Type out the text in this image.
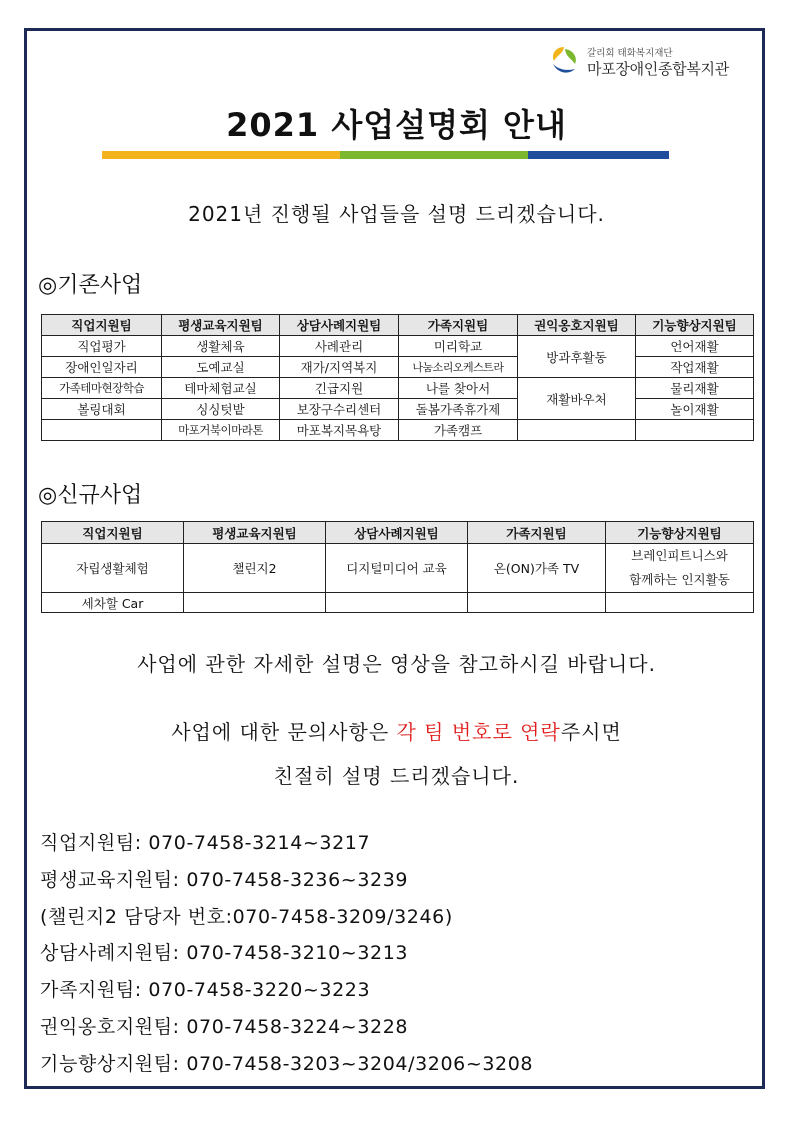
갈리회 태화복지재단
마포장애인종합복지관
2021 사업설명회 안내
2021년 진행될 사업들을 설명 드리겠습니다.
◎기존사업
직업지원팀	평생교육지원팀	상담사례지원팀	가족지원팀	권익옹호지원팀	기능향상지원팀
직업평가	생활체육	사례관리	미리학교	방과후활동	언어재활
장애인일자리	도예교실	재가/지역복지	나눔소리오케스트라		작업재활
가족테마현장학습	테마체험교실	긴급지원	나를 찾아서	재활바우처	물리재활
볼링대회	싱싱텃밭	보장구수리센터	돌봄가족휴가제		놀이재활
	마포거북이마라톤	마포복지목욕탕	가족캠프		
◎신규사업
직업지원팀	평생교육지원팀	상담사례지원팀	가족지원팀	기능향상지원팀
자립생활체험	챌린지2	디지털미디어 교육	온(ON)가족 TV	브레인피트니스와
함께하는 인지활동

세차할 Car				
사업에 관한 자세한 설명은 영상을 참고하시길 바랍니다.
사업에 대한 문의사항은 각 팀 번호로 연락주시면
친절히 설명 드리겠습니다.
직업지원팀: 070-7458-3214~3217
평생교육지원팀: 070-7458-3236~3239
(챌린지2 담당자 번호:070-7458-3209/3246)
상담사례지원팀: 070-7458-3210~3213
가족지원팀: 070-7458-3220~3223
권익옹호지원팀: 070-7458-3224~3228
기능향상지원팀: 070-7458-3203~3204/3206~3208
